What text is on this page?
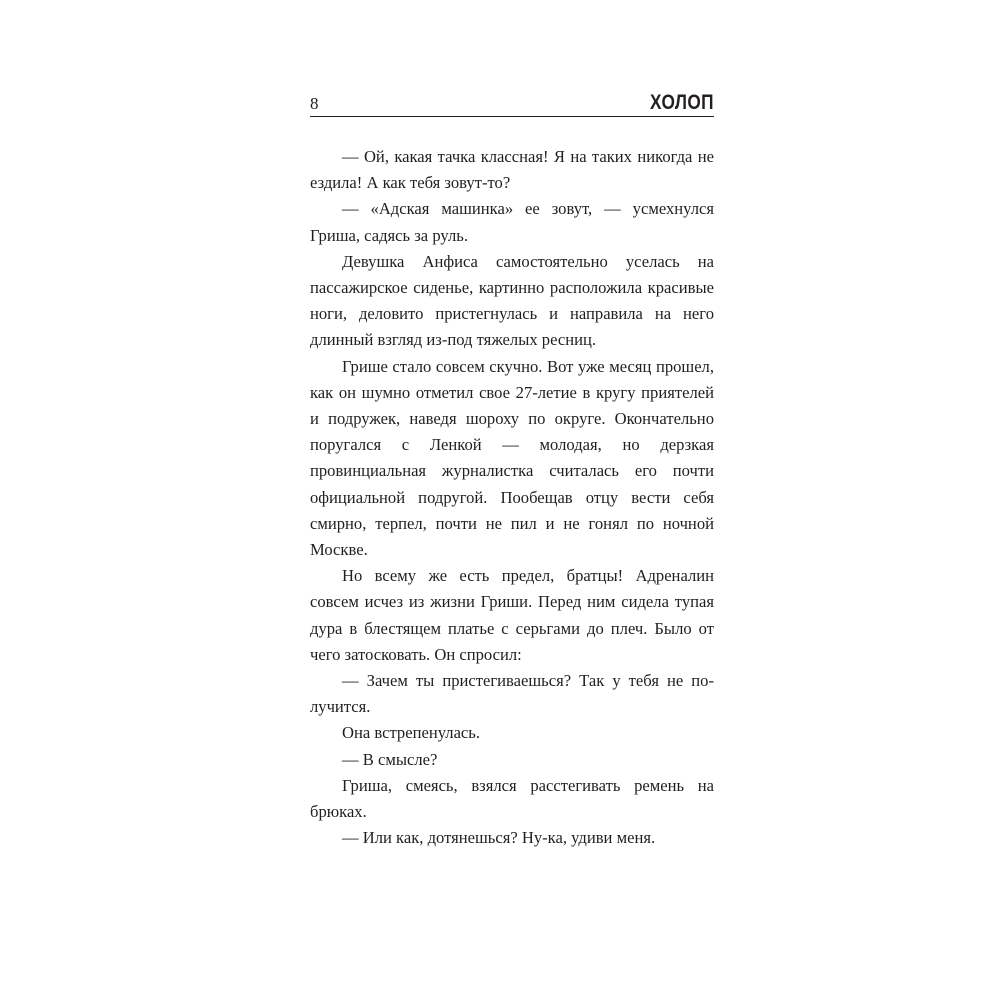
8	ХОЛОП

— Ой, какая тачка классная! Я на таких никогда не ездила! А как тебя зовут-то?

— «Адская машинка» ее зовут, — усмехнулся Гриша, садясь за руль.

Девушка Анфиса самостоятельно уселась на пассажирское сиденье, картинно расположила красивые ноги, деловито пристегнулась и направила на него длинный взгляд из-под тяжелых ресниц.

Грише стало совсем скучно. Вот уже месяц прошел, как он шумно отметил свое 27-летие в кругу приятелей и подружек, наведя шороху по округе. Окончательно поругался с Ленкой — молодая, но дерзкая провинциальная журналистка считалась его почти официальной подругой. Пообещав отцу вести себя смирно, терпел, почти не пил и не гонял по ночной Москве.

Но всему же есть предел, братцы! Адреналин совсем исчез из жизни Гриши. Перед ним сидела тупая дура в блестящем платье с серьгами до плеч. Было от чего затосковать. Он спросил:

— Зачем ты пристегиваешься? Так у тебя не получится.

Она встрепенулась.

— В смысле?

Гриша, смеясь, взялся расстегивать ремень на брюках.

— Или как, дотянешься? Ну-ка, удиви меня.
